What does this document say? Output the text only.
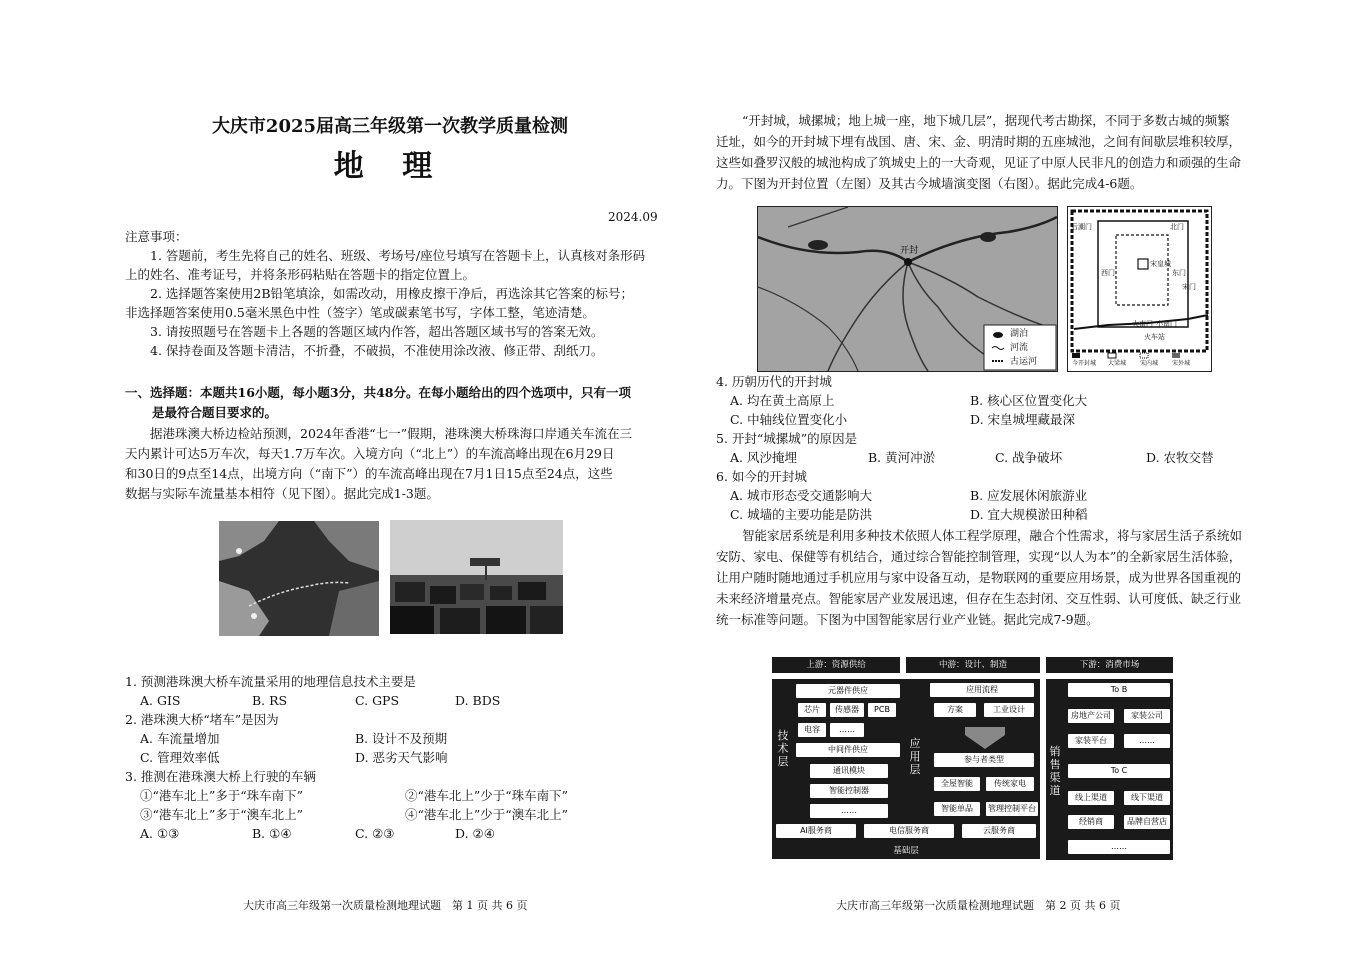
大庆市2025届高三年级第一次教学质量检测
地 理
2024.09
注意事项：
1. 答题前，考生先将自己的姓名、班级、考场号/座位号填写在答题卡上，认真核对条形码
上的姓名、准考证号，并将条形码粘贴在答题卡的指定位置上。
2. 选择题答案使用2B铅笔填涂，如需改动，用橡皮擦干净后，再选涂其它答案的标号；
非选择题答案使用0.5毫米黑色中性（签字）笔或碳素笔书写，字体工整，笔迹清楚。
3. 请按照题号在答题卡上各题的答题区域内作答，超出答题区域书写的答案无效。
4. 保持卷面及答题卡清洁，不折叠，不破损，不准使用涂改液、修正带、刮纸刀。
一、选择题：本题共16小题，每小题3分，共48分。在每小题给出的四个选项中，只有一项
是最符合题目要求的。
据港珠澳大桥边检站预测，2024年香港“七一”假期，港珠澳大桥珠海口岸通关车流在三
天内累计可达5万车次，每天1.7万车次。入境方向（“北上”）的车流高峰出现在6月29日
和30日的9点至14点，出境方向（“南下”）的车流高峰出现在7月1日15点至24点，这些
数据与实际车流量基本相符（见下图）。据此完成1-3题。
1. 预测港珠澳大桥车流量采用的地理信息技术主要是
A. GIS	B. RS	C. GPS	D. BDS
2. 港珠澳大桥“堵车”是因为
A. 车流量增加	B. 设计不及预期
C. 管理效率低	D. 恶劣天气影响
3. 推测在港珠澳大桥上行驶的车辆
①“港车北上”多于“珠车南下”	②“港车北上”少于“珠车南下”
③“港车北上”多于“澳车北上”	④“港车北上”少于“澳车北上”
A. ①③	B. ①④	C. ②③	D. ②④
大庆市高三年级第一次质量检测地理试题　第 1 页 共 6 页
“开封城，城摞城；地上城一座，地下城几层”，据现代考古勘探，不同于多数古城的频繁
迁址，如今的开封城下埋有战国、唐、宋、金、明清时期的五座城池，之间有间歇层堆积较厚，
这些如叠罗汉般的城池构成了筑城史上的一大奇观，见证了中原人民非凡的创造力和顽强的生命
力。下图为开封位置（左图）及其古今城墙演变图（右图）。据此完成4-6题。
开封
湖泊
河流
古运河
后潮门	北门
宋皇城
西门	东门
宋门
大南门 小南门
火车站
今开封城 大梁城 宋内城 宋外城
4. 历朝历代的开封城
A. 均在黄土高原上	B. 核心区位置变化大
C. 中轴线位置变化小	D. 宋皇城埋藏最深
5. 开封“城摞城”的原因是
A. 风沙掩埋	B. 黄河冲淤	C. 战争破坏	D. 农牧交替
6. 如今的开封城
A. 城市形态受交通影响大	B. 应发展休闲旅游业
C. 城墙的主要功能是防洪	D. 宜大规模淤田种稻
智能家居系统是利用多种技术依照人体工程学原理，融合个性需求，将与家居生活子系统如
安防、家电、保健等有机结合，通过综合智能控制管理，实现“以人为本”的全新家居生活体验，
让用户随时随地通过手机应用与家中设备互动，是物联网的重要应用场景，成为世界各国重视的
未来经济增量亮点。智能家居产业发展迅速，但存在生态封闭、交互性弱、认可度低、缺乏行业
统一标准等问题。下图为中国智能家居行业产业链。据此完成7-9题。
上游：资源供给	中游：设计、制造	下游：消费市场
基础层
技术层
应用层
销售渠道
元器件供应
芯片	传感器	PCB
电容	……
中间件供应
通讯模块
智能控制器
……
应用流程
方案	工业设计
参与者类型
全屋智能	传统家电
智能单品	管理控制平台
To B
房地产公司	家装公司
家装平台	……
To C
线上渠道	线下渠道
经销商	品牌自营店
……
AI服务商	电信服务商	云服务商
大庆市高三年级第一次质量检测地理试题　第 2 页 共 6 页
